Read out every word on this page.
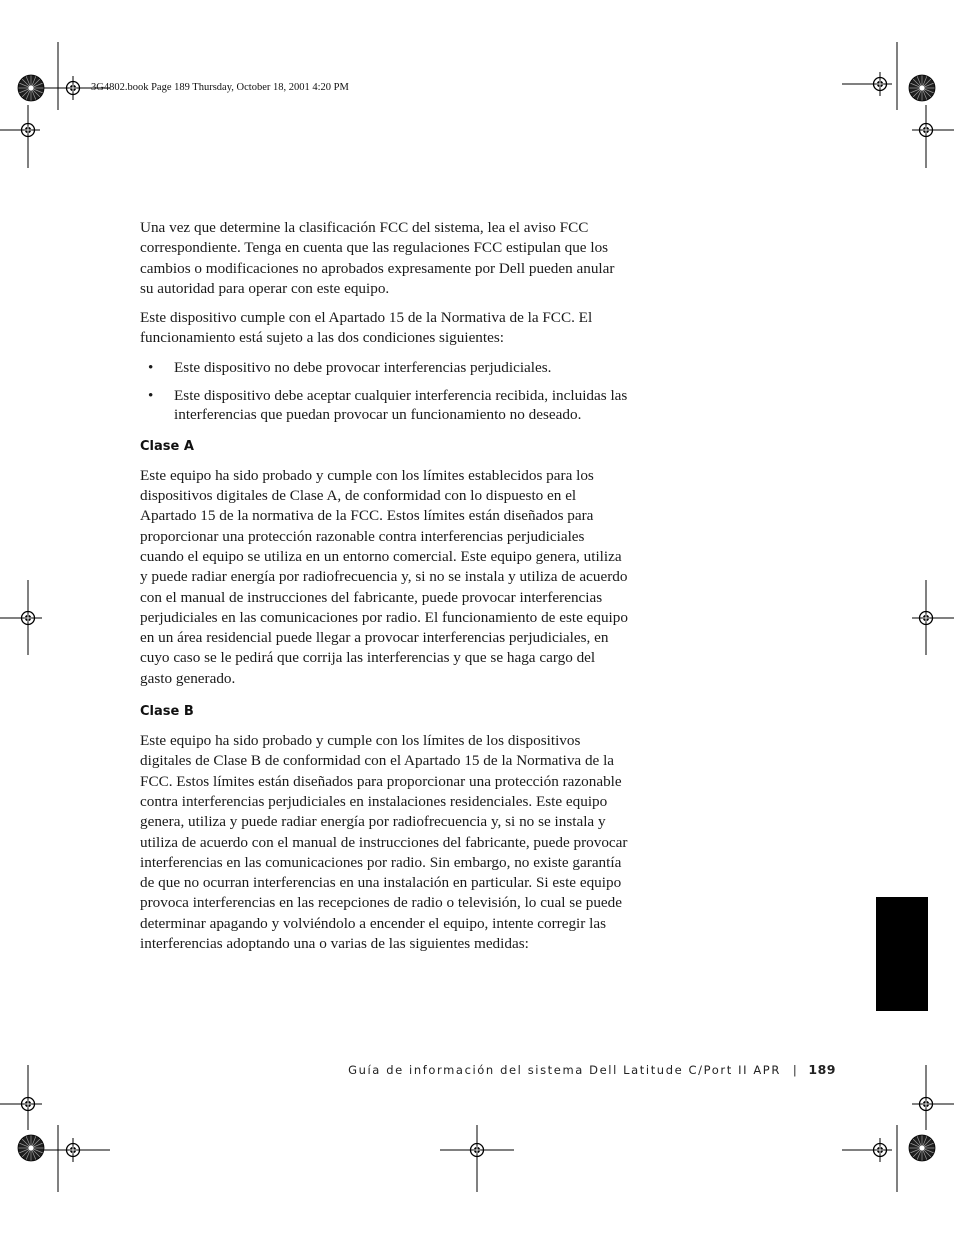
3G4802.book Page 189 Thursday, October 18, 2001 4:20 PM

Una vez que determine la clasificación FCC del sistema, lea el aviso FCC correspondiente. Tenga en cuenta que las regulaciones FCC estipulan que los cambios o modificaciones no aprobados expresamente por Dell pueden anular su autoridad para operar con este equipo.

Este dispositivo cumple con el Apartado 15 de la Normativa de la FCC. El funcionamiento está sujeto a las dos condiciones siguientes:

• Este dispositivo no debe provocar interferencias perjudiciales.
• Este dispositivo debe aceptar cualquier interferencia recibida, incluidas las interferencias que puedan provocar un funcionamiento no deseado.
Clase A

Este equipo ha sido probado y cumple con los límites establecidos para los dispositivos digitales de Clase A, de conformidad con lo dispuesto en el Apartado 15 de la normativa de la FCC. Estos límites están diseñados para proporcionar una protección razonable contra interferencias perjudiciales cuando el equipo se utiliza en un entorno comercial. Este equipo genera, utiliza y puede radiar energía por radiofrecuencia y, si no se instala y utiliza de acuerdo con el manual de instrucciones del fabricante, puede provocar interferencias perjudiciales en las comunicaciones por radio. El funcionamiento de este equipo en un área residencial puede llegar a provocar interferencias perjudiciales, en cuyo caso se le pedirá que corrija las interferencias y que se haga cargo del gasto generado.

Clase B

Este equipo ha sido probado y cumple con los límites de los dispositivos digitales de Clase B de conformidad con el Apartado 15 de la Normativa de la FCC. Estos límites están diseñados para proporcionar una protección razonable contra interferencias perjudiciales en instalaciones residenciales. Este equipo genera, utiliza y puede radiar energía por radiofrecuencia y, si no se instala y utiliza de acuerdo con el manual de instrucciones del fabricante, puede provocar interferencias en las comunicaciones por radio. Sin embargo, no existe garantía de que no ocurran interferencias en una instalación en particular. Si este equipo provoca interferencias en las recepciones de radio o televisión, lo cual se puede determinar apagando y volviéndolo a encender el equipo, intente corregir las interferencias adoptando una o varias de las siguientes medidas:

Guía de información del sistema Dell Latitude C/Port II APR | 189
